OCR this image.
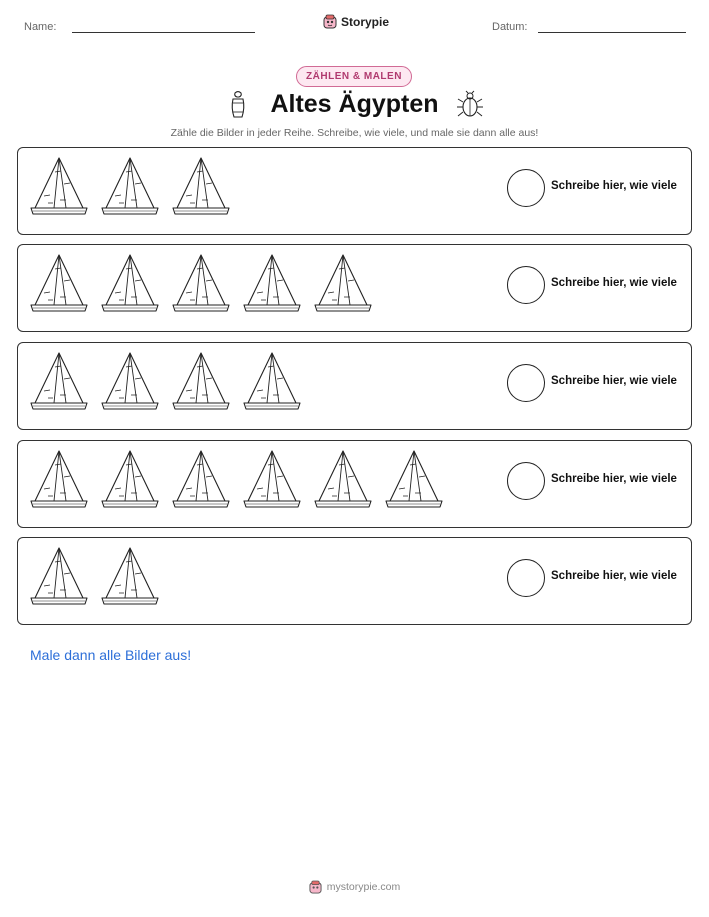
Name:	Storypie	Datum:
ZÄHLEN & MALEN
Altes Ägypten
Zähle die Bilder in jeder Reihe. Schreibe, wie viele, und male sie dann alle aus!
Schreibe hier, wie viele
Schreibe hier, wie viele
Schreibe hier, wie viele
Schreibe hier, wie viele
Schreibe hier, wie viele
Male dann alle Bilder aus!
mystorypie.com
